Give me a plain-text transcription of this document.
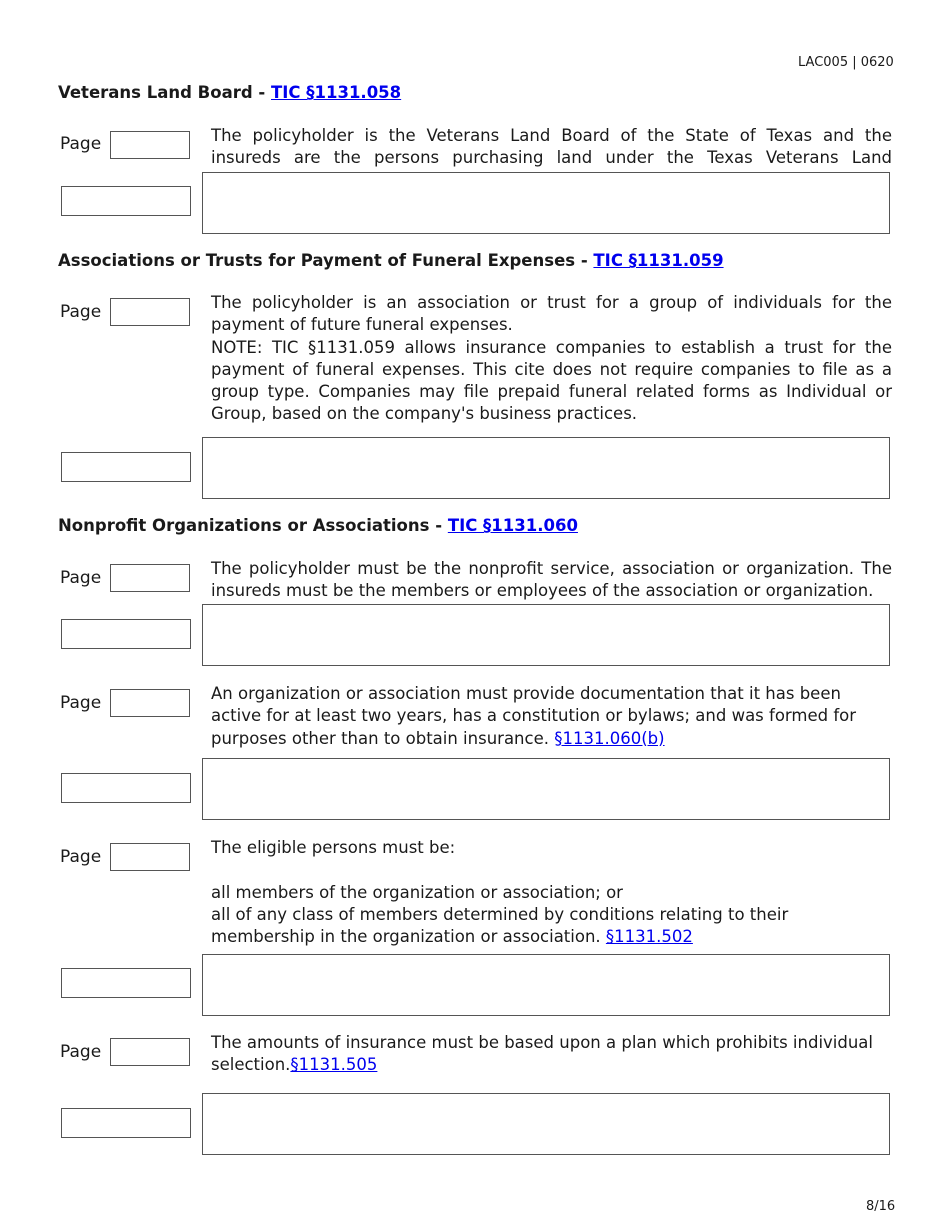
LAC005 | 0620
Veterans Land Board - TIC §1131.058
Page	The policyholder is the Veterans Land Board of the State of Texas and the insureds are the persons purchasing land under the Texas Veterans Land

Associations or Trusts for Payment of Funeral Expenses - TIC §1131.059
Page	The policyholder is an association or trust for a group of individuals for the payment of future funeral expenses.

NOTE: TIC §1131.059 allows insurance companies to establish a trust for the payment of funeral expenses. This cite does not require companies to file as a group type. Companies may file prepaid funeral related forms as Individual or Group, based on the company's business practices.

Nonprofit Organizations or Associations - TIC §1131.060
Page	The policyholder must be the nonprofit service, association or organization. The insureds must be the members or employees of the association or organization.

Page	An organization or association must provide documentation that it has been active for at least two years, has a constitution or bylaws; and was formed for purposes other than to obtain insurance. §1131.060(b)

Page	The eligible persons must be:

all members of the organization or association; or

all of any class of members determined by conditions relating to their membership in the organization or association. §1131.502

Page	The amounts of insurance must be based upon a plan which prohibits individual selection.§1131.505

8/16
